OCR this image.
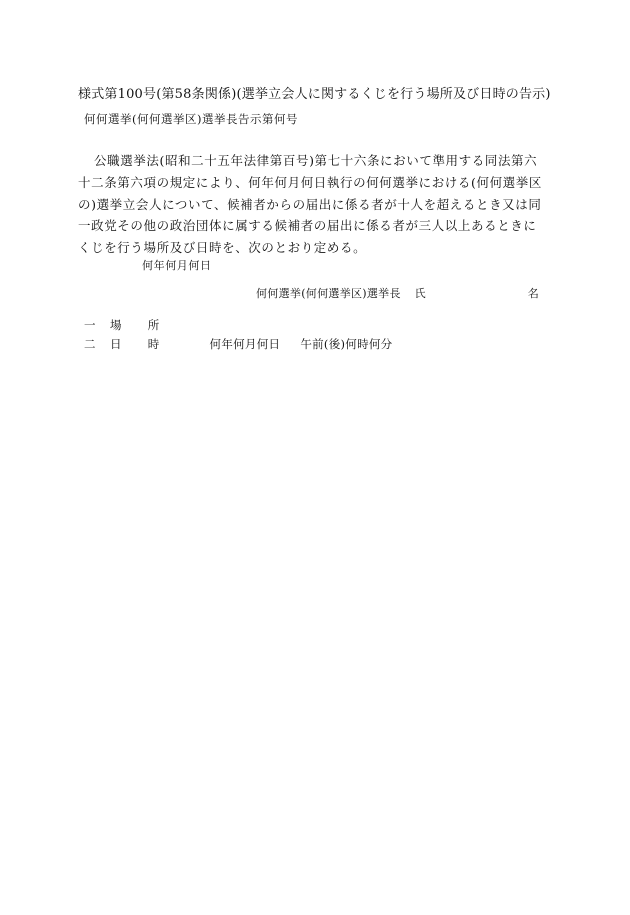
様式第100号(第58条関係)(選挙立会人に関するくじを行う場所及び日時の告示)
何何選挙(何何選挙区)選挙長告示第何号
公職選挙法(昭和二十五年法律第百号)第七十六条において準用する同法第六十二条第六項の規定により、何年何月何日執行の何何選挙における(何何選挙区の)選挙立会人について、候補者からの届出に係る者が十人を超えるとき又は同一政党その他の政治団体に属する候補者の届出に係る者が三人以上あるときにくじを行う場所及び日時を、次のとおり定める。
何年何月何日
何何選挙(何何選挙区)選挙長 氏	名
一 場 所
二 日 時	何年何月何日 午前(後)何時何分
